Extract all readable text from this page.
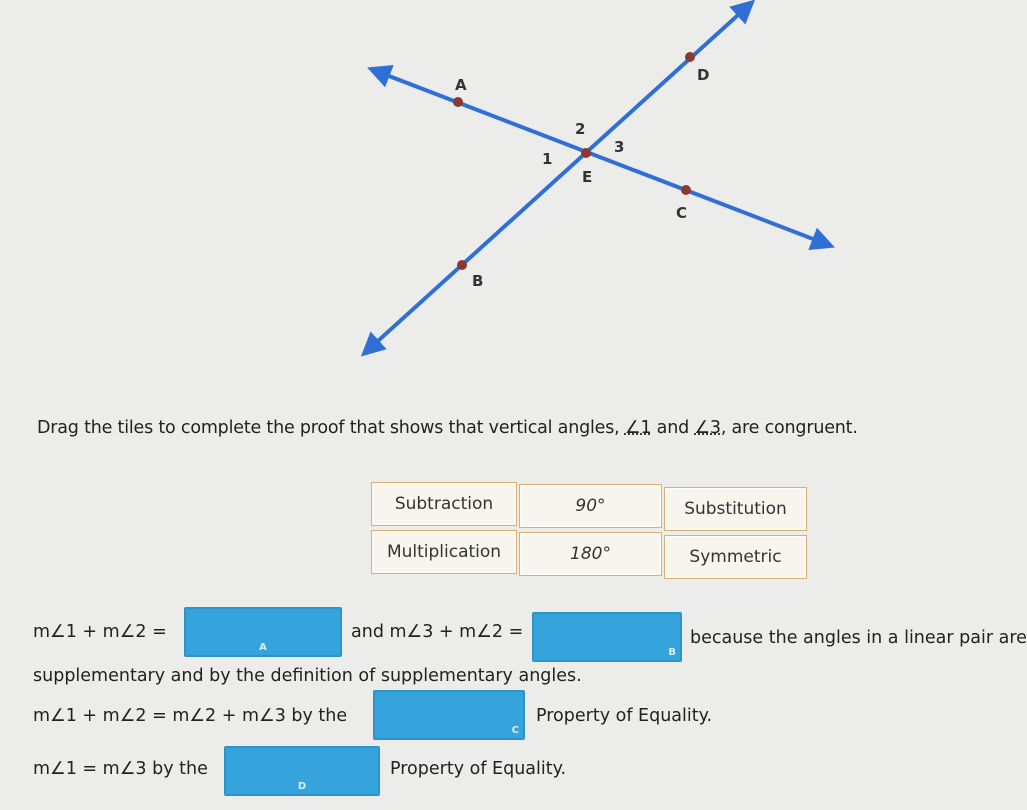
A
D
E
C
B
1
2
3
Drag the tiles to complete the proof that shows that vertical angles, ∠1 and ∠3, are congruent.
Subtraction	90°	Substitution
Multiplication	180°	Symmetric
m∠1 + m∠2 =
A
and m∠3 + m∠2 =
B
because the angles in a linear pair are
supplementary and by the definition of supplementary angles.
m∠1 + m∠2 = m∠2 + m∠3 by the
C
Property of Equality.
m∠1 = m∠3 by the
D
Property of Equality.
